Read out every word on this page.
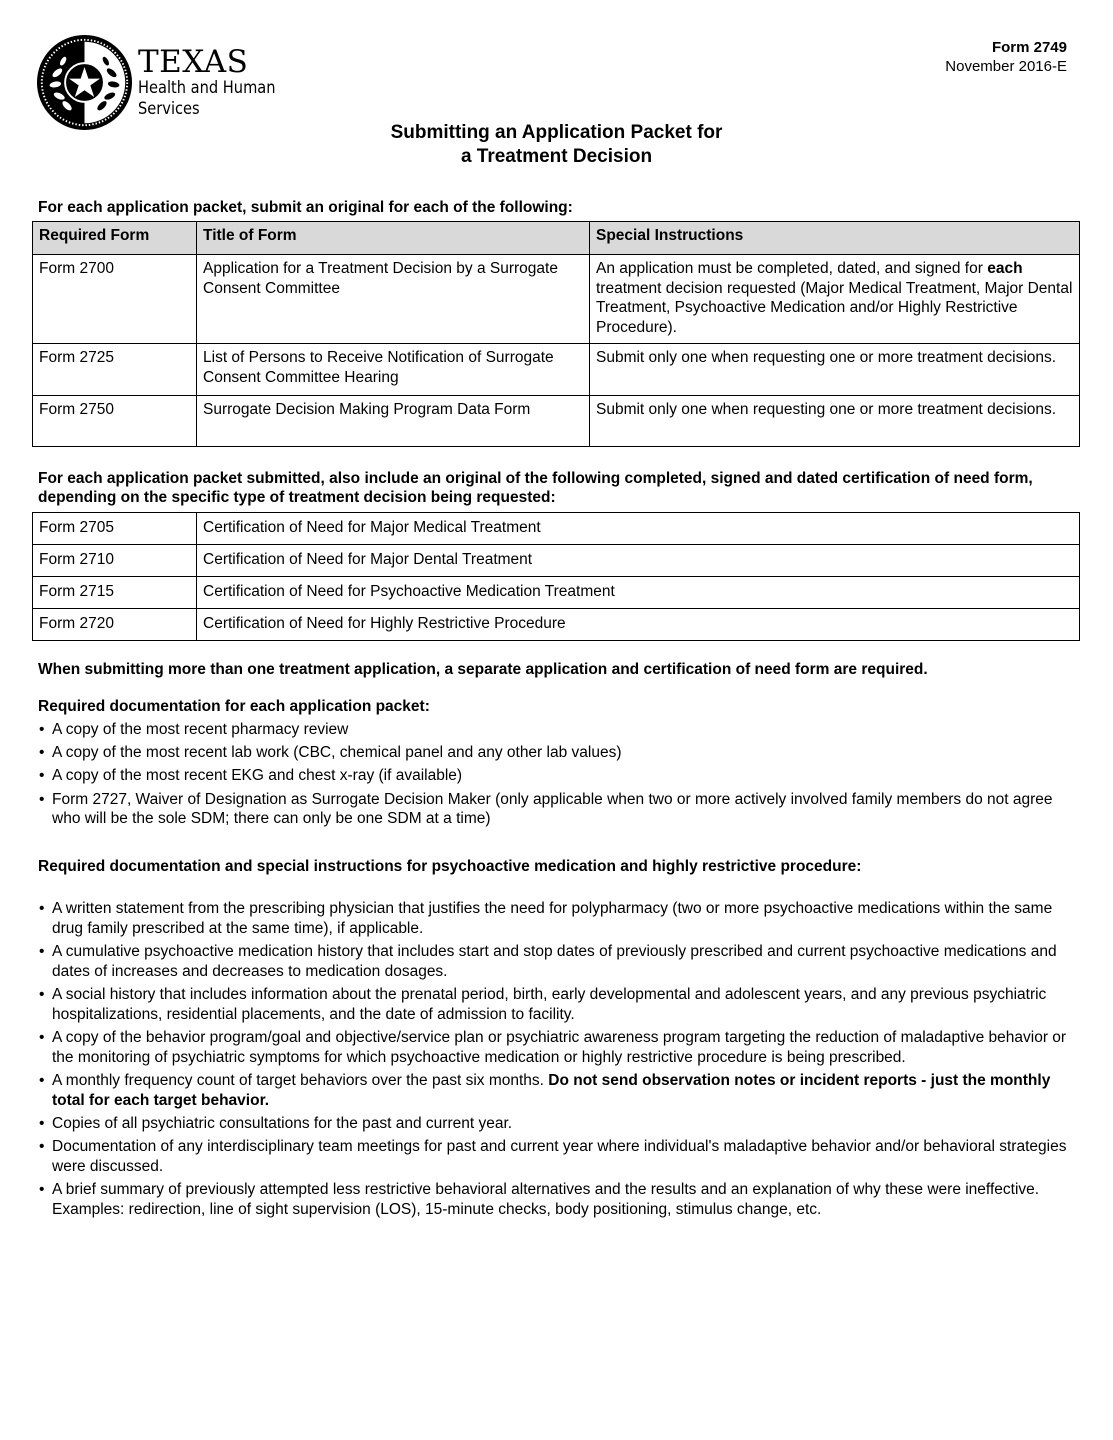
TEXAS
Health and Human
Services
Form 2749
November 2016-E
Submitting an Application Packet for
a Treatment Decision
For each application packet, submit an original for each of the following:
Required Form	Title of Form	Special Instructions
Form 2700	Application for a Treatment Decision by a Surrogate Consent Committee	An application must be completed, dated, and signed for each treatment decision requested (Major Medical Treatment, Major Dental Treatment, Psychoactive Medication and/or Highly Restrictive Procedure).
Form 2725	List of Persons to Receive Notification of Surrogate Consent Committee Hearing	Submit only one when requesting one or more treatment decisions.
Form 2750	Surrogate Decision Making Program Data Form	Submit only one when requesting one or more treatment decisions.
For each application packet submitted, also include an original of the following completed, signed and dated certification of need form, depending on the specific type of treatment decision being requested:
Form 2705	Certification of Need for Major Medical Treatment
Form 2710	Certification of Need for Major Dental Treatment
Form 2715	Certification of Need for Psychoactive Medication Treatment
Form 2720	Certification of Need for Highly Restrictive Procedure
When submitting more than one treatment application, a separate application and certification of need form are required.
Required documentation for each application packet:
• A copy of the most recent pharmacy review
• A copy of the most recent lab work (CBC, chemical panel and any other lab values)
• A copy of the most recent EKG and chest x-ray (if available)
• Form 2727, Waiver of Designation as Surrogate Decision Maker (only applicable when two or more actively involved family members do not agree who will be the sole SDM; there can only be one SDM at a time)
Required documentation and special instructions for psychoactive medication and highly restrictive procedure:
• A written statement from the prescribing physician that justifies the need for polypharmacy (two or more psychoactive medications within the same drug family prescribed at the same time), if applicable.
• A cumulative psychoactive medication history that includes start and stop dates of previously prescribed and current psychoactive medications and dates of increases and decreases to medication dosages.
• A social history that includes information about the prenatal period, birth, early developmental and adolescent years, and any previous psychiatric hospitalizations, residential placements, and the date of admission to facility.
• A copy of the behavior program/goal and objective/service plan or psychiatric awareness program targeting the reduction of maladaptive behavior or the monitoring of psychiatric symptoms for which psychoactive medication or highly restrictive procedure is being prescribed.
• A monthly frequency count of target behaviors over the past six months. Do not send observation notes or incident reports - just the monthly total for each target behavior.
• Copies of all psychiatric consultations for the past and current year.
• Documentation of any interdisciplinary team meetings for past and current year where individual's maladaptive behavior and/or behavioral strategies were discussed.
• A brief summary of previously attempted less restrictive behavioral alternatives and the results and an explanation of why these were ineffective. Examples: redirection, line of sight supervision (LOS), 15-minute checks, body positioning, stimulus change, etc.
